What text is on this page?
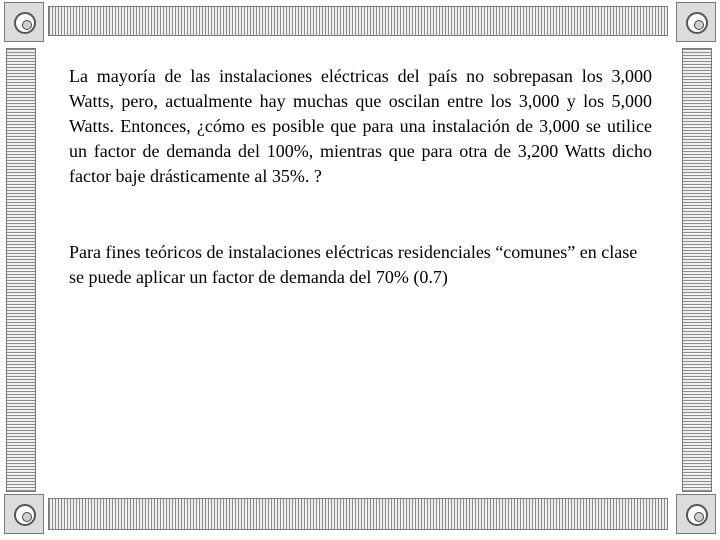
La mayoría de las instalaciones eléctricas del país no sobrepasan los 3,000 Watts, pero, actualmente hay muchas que oscilan entre los 3,000 y los 5,000 Watts. Entonces, ¿cómo es posible que para una instalación de 3,000 se utilice un factor de demanda del 100%, mientras que para otra de 3,200 Watts dicho factor baje drásticamente al 35%. ?

Para fines teóricos de instalaciones eléctricas residenciales “comunes” en clase se puede aplicar un factor de demanda del 70% (0.7)
